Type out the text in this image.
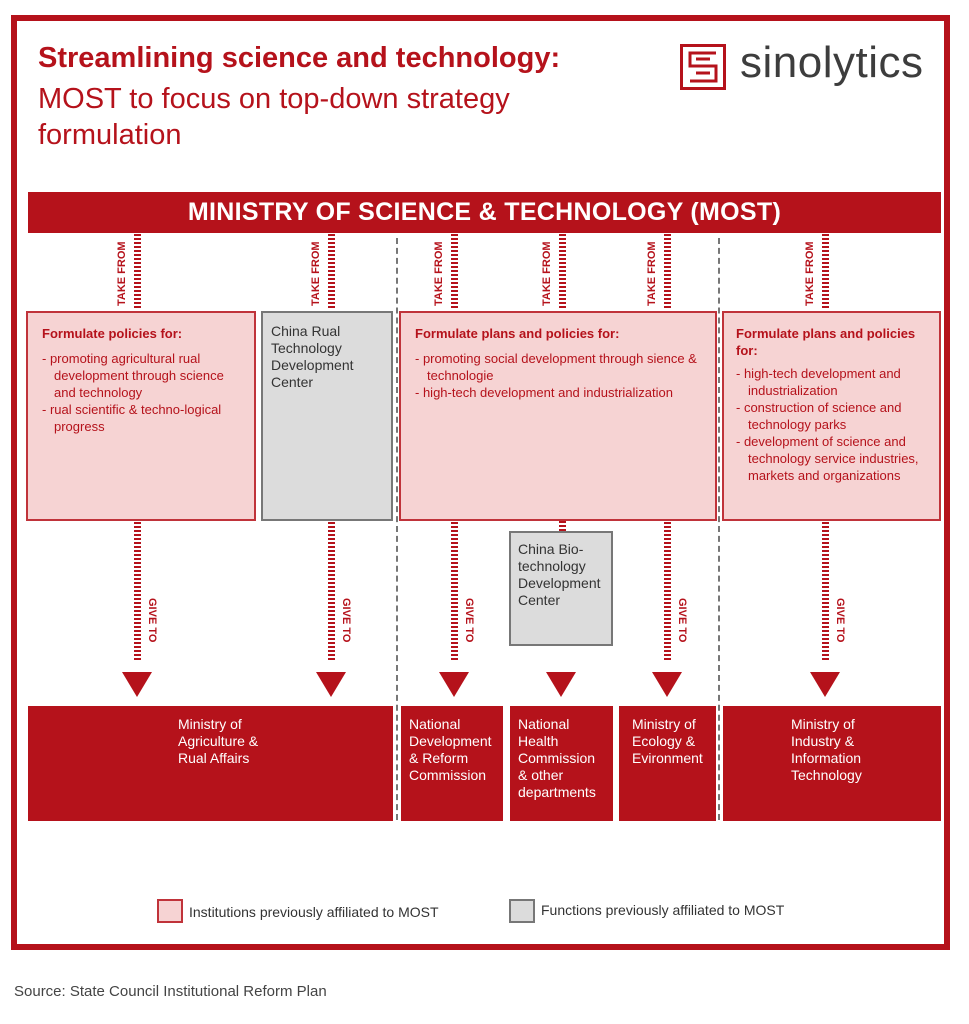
Streamlining science and technology:
MOST to focus on top-down strategy formulation
sinolytics
MINISTRY OF SCIENCE & TECHNOLOGY (MOST)
TAKE FROM	TAKE FROM	TAKE FROM	TAKE FROM	TAKE FROM	TAKE FROM
Formulate policies for:
- promoting agricultural rual development through science and technology
- rual scientific & techno-logical progress
China Rual Technology Development Center
Formulate plans and policies for:
- promoting social development through sience & technologie
- high-tech development and industrialization
Formulate plans and policies for:
- high-tech development and industrialization
- construction of science and technology parks
- development of science and technology service industries, markets and organizations
China Bio-technology Development Center
GIVE TO	GIVE TO	GIVE TO	GIVE TO	GIVE TO
Ministry of Agriculture & Rual Affairs
National Development & Reform Commission
National Health Commission & other departments
Ministry of Ecology & Evironment
Ministry of Industry & Information Technology
Institutions previously affiliated to MOST	Functions previously affiliated to MOST
Source: State Council Institutional Reform Plan
